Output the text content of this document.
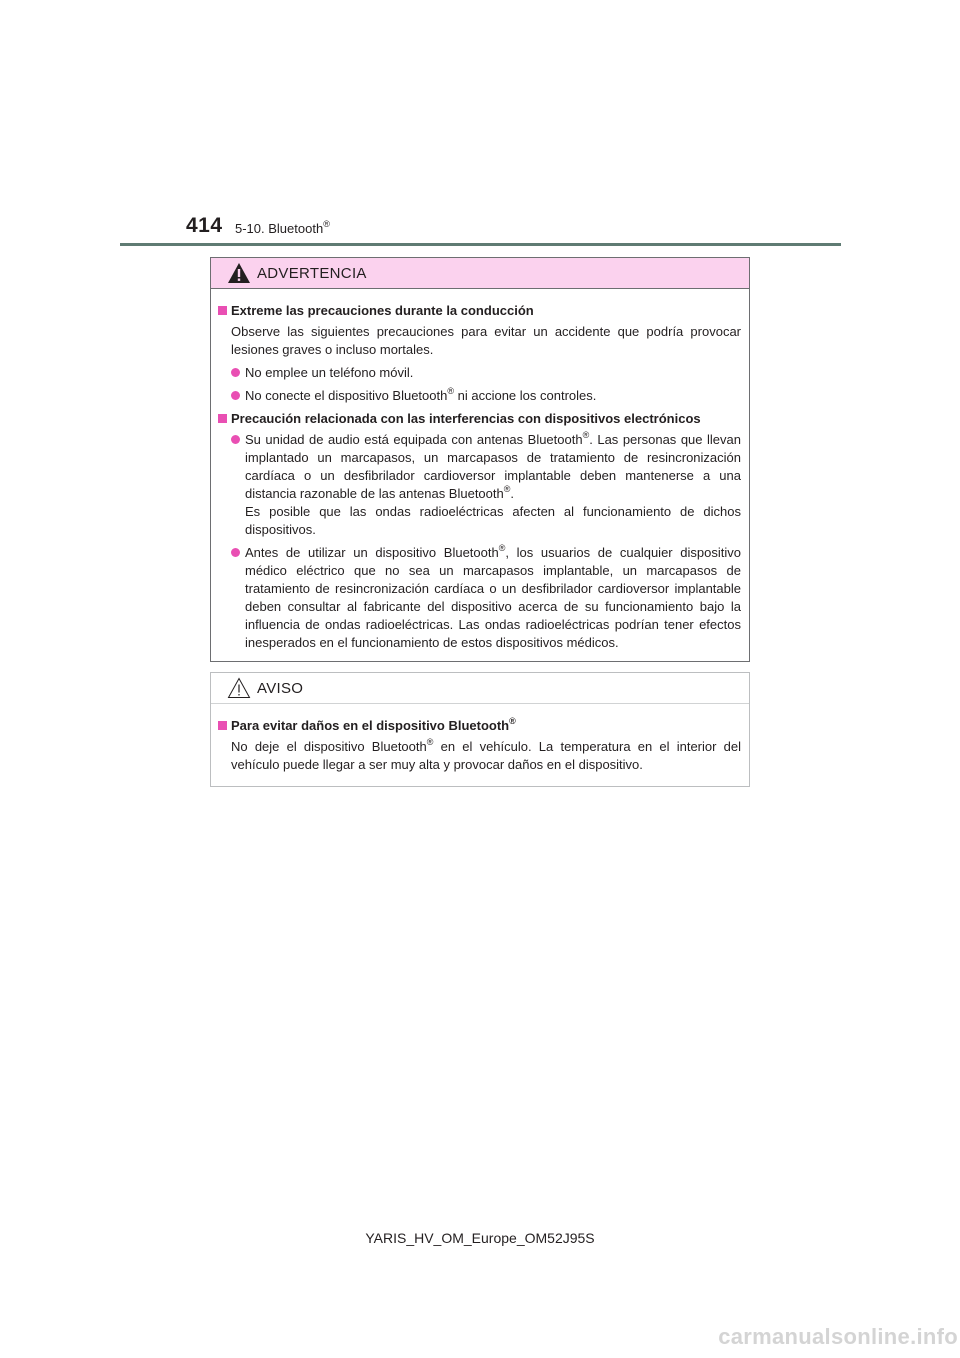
414 5-10. Bluetooth®
ADVERTENCIA
Extreme las precauciones durante la conducción
Observe las siguientes precauciones para evitar un accidente que podría provocar lesiones graves o incluso mortales.
No emplee un teléfono móvil.
No conecte el dispositivo Bluetooth® ni accione los controles.
Precaución relacionada con las interferencias con dispositivos electrónicos
Su unidad de audio está equipada con antenas Bluetooth®. Las personas que llevan implantado un marcapasos, un marcapasos de tratamiento de resincronización cardíaca o un desfibrilador cardioversor implantable deben mantenerse a una distancia razonable de las antenas Bluetooth®.
Es posible que las ondas radioeléctricas afecten al funcionamiento de dichos dispositivos.
Antes de utilizar un dispositivo Bluetooth®, los usuarios de cualquier dispositivo médico eléctrico que no sea un marcapasos implantable, un marcapasos de tratamiento de resincronización cardíaca o un desfibrilador cardioversor implantable deben consultar al fabricante del dispositivo acerca de su funcionamiento bajo la influencia de ondas radioeléctricas. Las ondas radioeléctricas podrían tener efectos inesperados en el funcionamiento de estos dispositivos médicos.
AVISO
Para evitar daños en el dispositivo Bluetooth®
No deje el dispositivo Bluetooth® en el vehículo. La temperatura en el interior del vehículo puede llegar a ser muy alta y provocar daños en el dispositivo.
YARIS_HV_OM_Europe_OM52J95S
carmanualsonline.info
